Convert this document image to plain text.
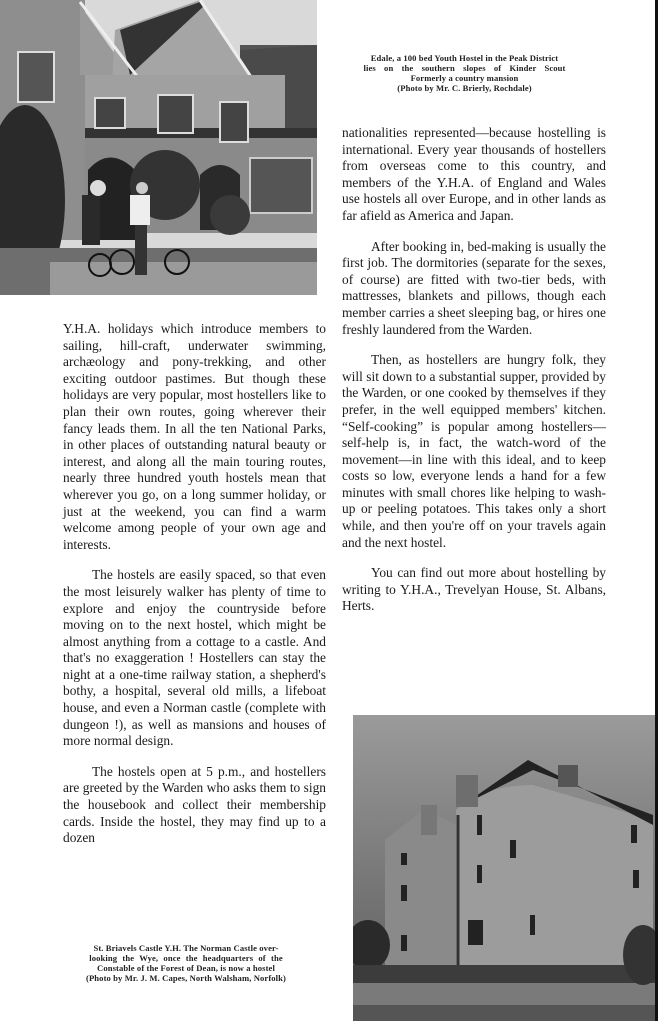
Edale, a 100 bed Youth Hostel in the Peak District
lies on the southern slopes of Kinder Scout
Formerly a country mansion
(Photo by Mr. C. Brierly, Rochdale)

Y.H.A. holidays which introduce members to sailing, hill-craft, underwater swimming, archæology and pony-trekking, and other exciting outdoor pastimes. But though these holidays are very popular, most hostellers like to plan their own routes, going wherever their fancy leads them. In all the ten National Parks, in other places of outstanding natural beauty or interest, and along all the main touring routes, nearly three hundred youth hostels mean that wherever you go, on a long summer holiday, or just at the weekend, you can find a warm welcome among people of your own age and interests.

The hostels are easily spaced, so that even the most leisurely walker has plenty of time to explore and enjoy the countryside before moving on to the next hostel, which might be almost anything from a cottage to a castle. And that's no exaggeration ! Hostellers can stay the night at a one-time railway station, a shepherd's bothy, a hospital, several old mills, a lifeboat house, and even a Norman castle (complete with dungeon !), as well as mansions and houses of more normal design.

The hostels open at 5 p.m., and hostellers are greeted by the Warden who asks them to sign the housebook and collect their membership cards. Inside the hostel, they may find up to a dozen

nationalities represented—because hostelling is international. Every year thousands of hostellers from overseas come to this country, and members of the Y.H.A. of England and Wales use hostels all over Europe, and in other lands as far afield as America and Japan.

After booking in, bed-making is usually the first job. The dormitories (separate for the sexes, of course) are fitted with two-tier beds, with mattresses, blankets and pillows, though each member carries a sheet sleeping bag, or hires one freshly laundered from the Warden.

Then, as hostellers are hungry folk, they will sit down to a substantial supper, provided by the Warden, or one cooked by themselves if they prefer, in the well equipped members' kitchen. “Self-cooking” is popular among hostellers—self-help is, in fact, the watch-word of the movement—in line with this ideal, and to keep costs so low, everyone lends a hand for a few minutes with small chores like helping to wash-up or peeling potatoes. This takes only a short while, and then you're off on your travels again and the next hostel.

You can find out more about hostelling by writing to Y.H.A., Trevelyan House, St. Albans, Herts.

St. Briavels Castle Y.H. The Norman Castle over-
looking the Wye, once the headquarters of the
Constable of the Forest of Dean, is now a hostel
(Photo by Mr. J. M. Capes, North Walsham, Norfolk)
